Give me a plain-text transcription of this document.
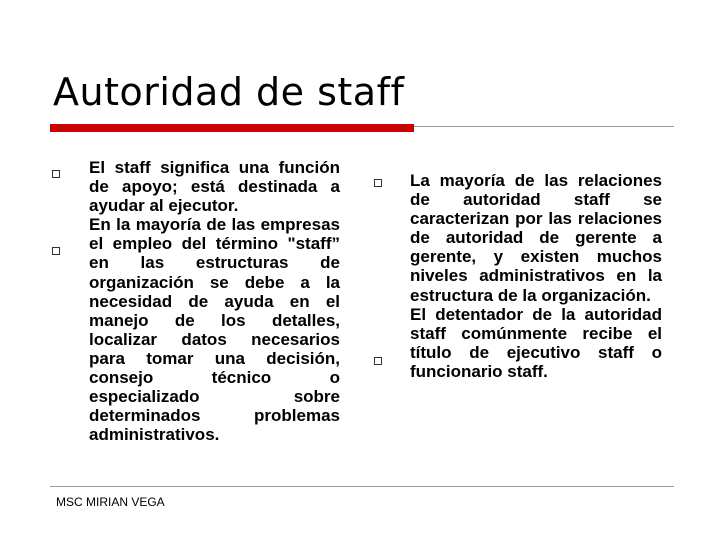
Autoridad de staff

El staff significa una función de apoyo; está destinada a ayudar al ejecutor.

En la mayoría de las empresas el empleo del término "staff” en las estructuras de organización se debe a la necesidad de ayuda en el manejo de los detalles, localizar datos necesarios para tomar una decisión, consejo técnico o especializado sobre determinados problemas administrativos.

La mayoría de las relaciones de autoridad staff se caracterizan por las relaciones de autoridad de gerente a gerente, y existen muchos niveles administrativos en la estructura de la organización.

El detentador de la autoridad staff comúnmente recibe el título de ejecutivo staff o funcionario staff.

MSC MIRIAN VEGA
